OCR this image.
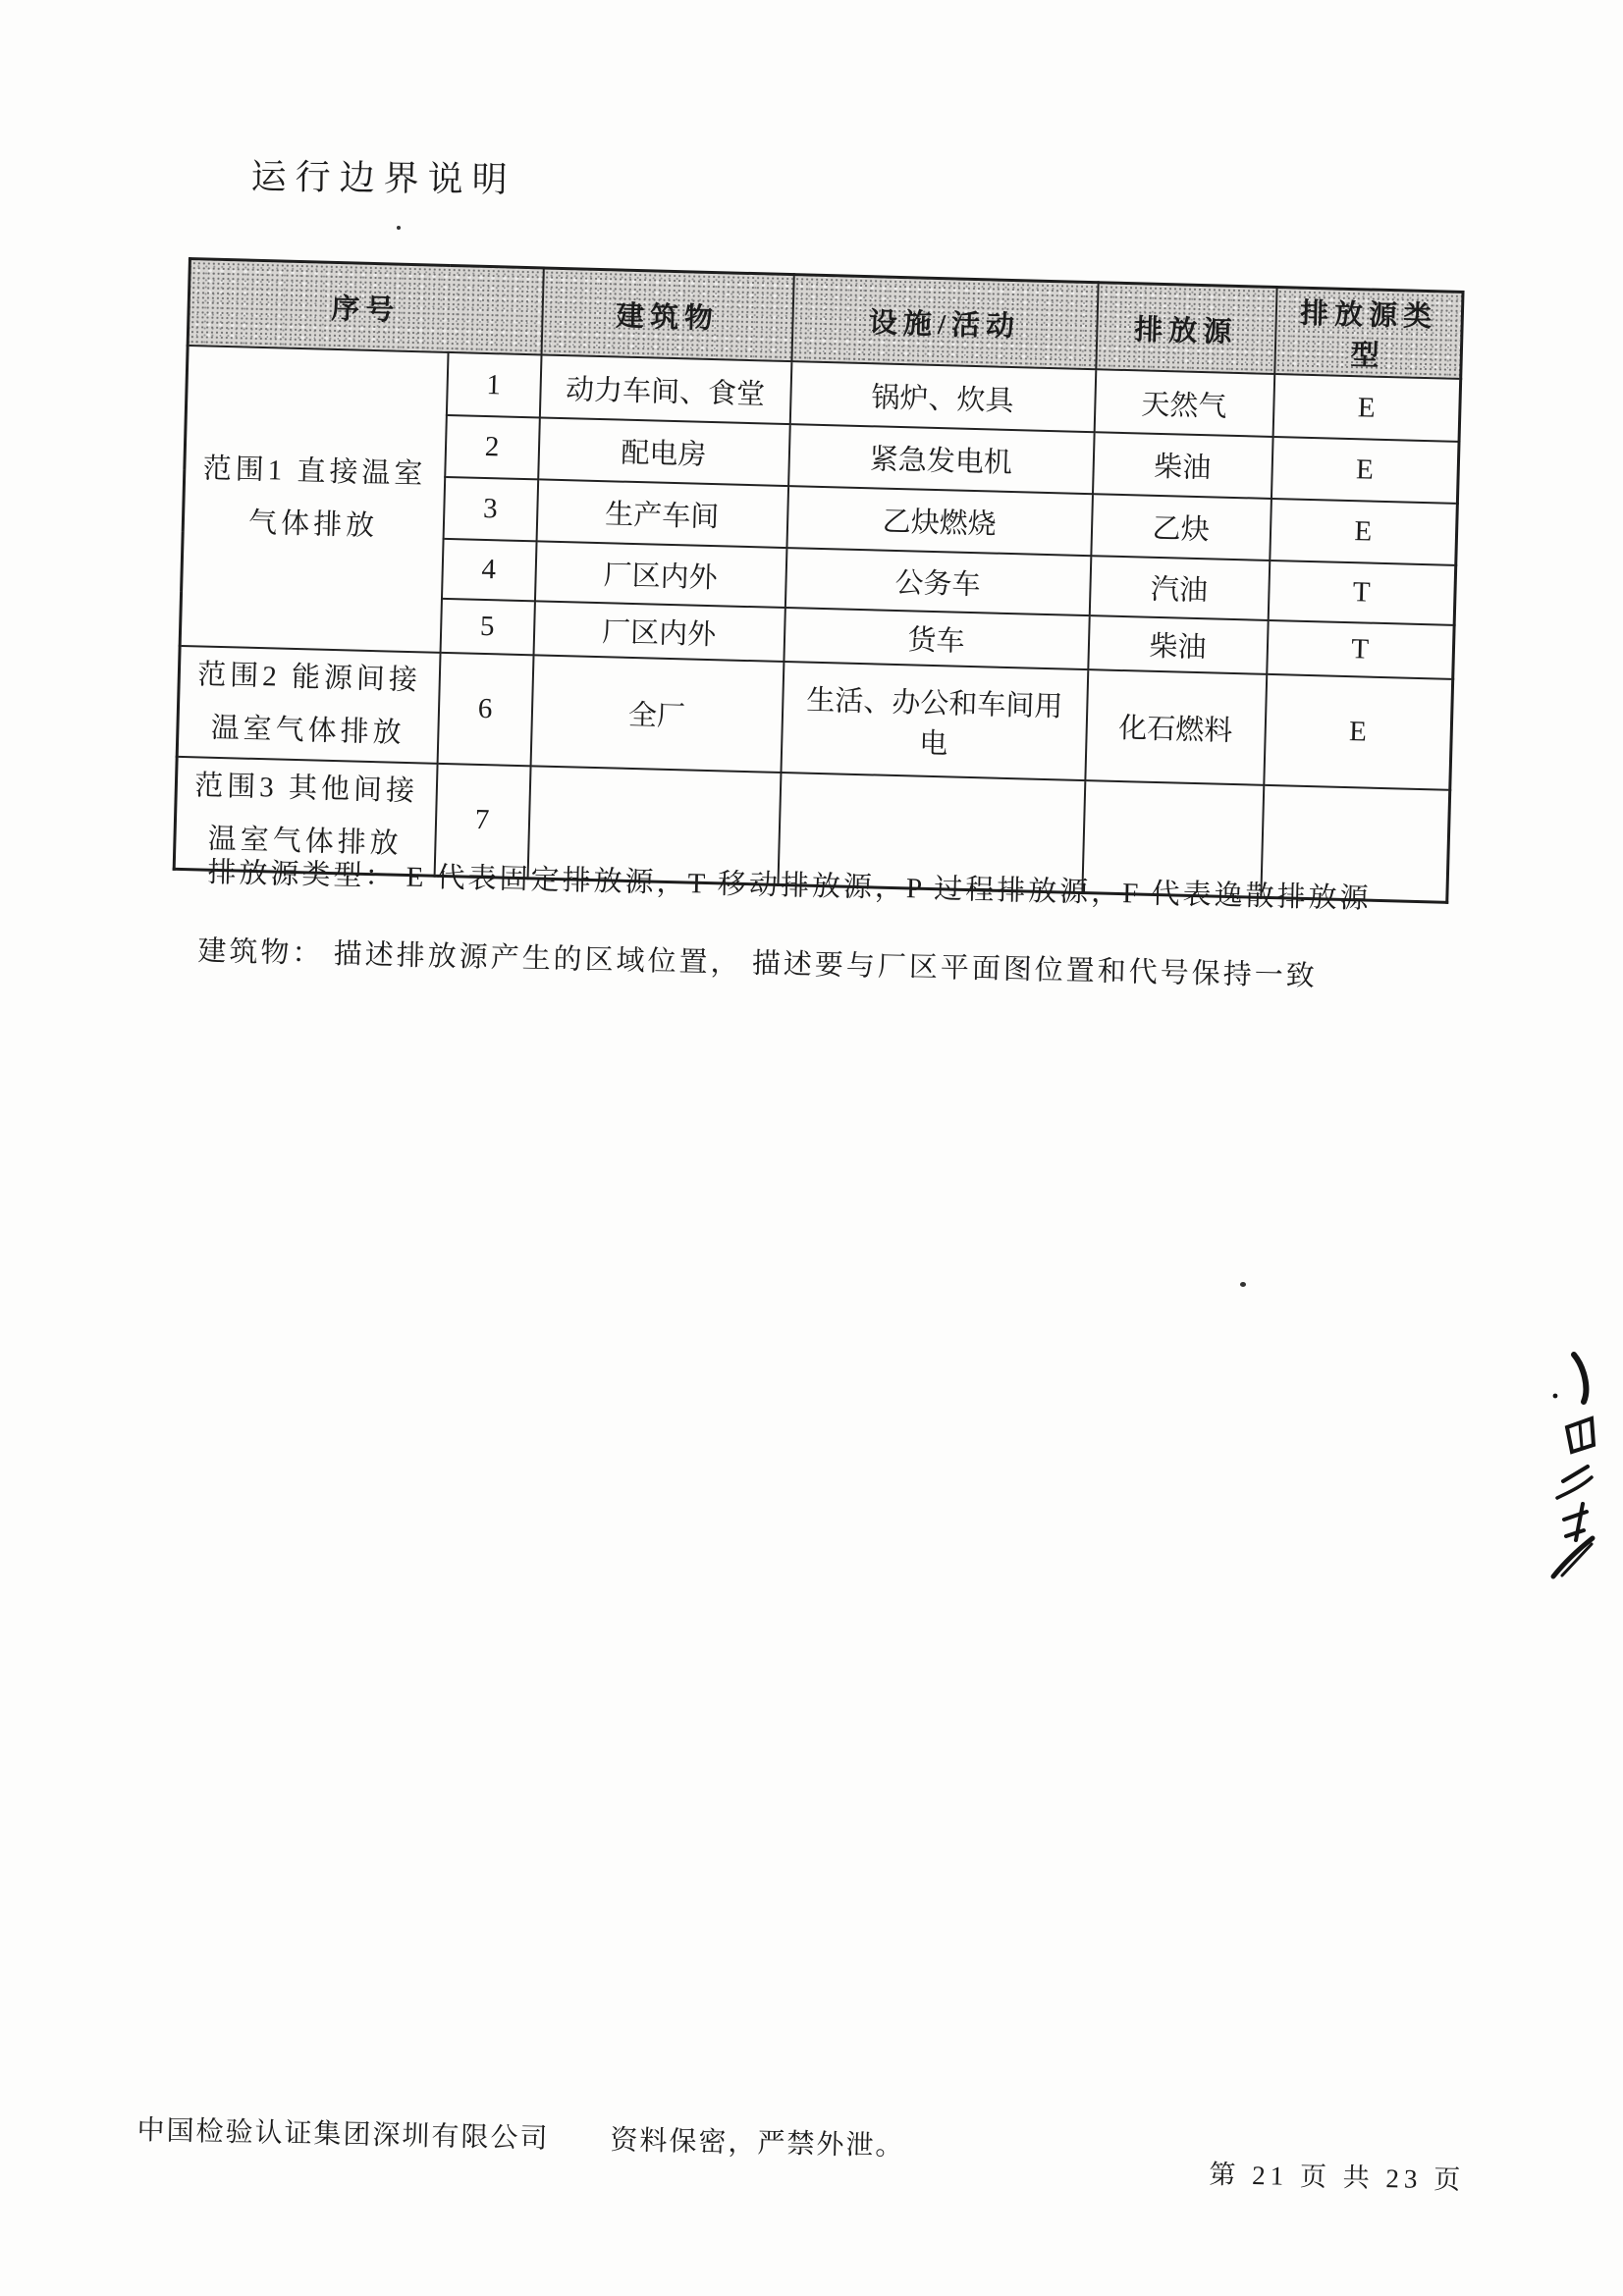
运行边界说明
序号		建筑物	设施/活动	排放源	排放源类型
范围1 直接温室气体排放	1	动力车间、食堂	锅炉、炊具	天然气	E
	2	配电房	紧急发电机	柴油	E
	3	生产车间	乙炔燃烧	乙炔	E
	4	厂区内外	公务车	汽油	T
	5	厂区内外	货车	柴油	T
范围2 能源间接温室气体排放	6	全厂	生活、办公和车间用电	化石燃料	E
范围3 其他间接温室气体排放	7				
排放源类型： E 代表固定排放源，T 移动排放源，P 过程排放源，F 代表逸散排放源
建筑物： 描述排放源产生的区域位置， 描述要与厂区平面图位置和代号保持一致
中国检验认证集团深圳有限公司 资料保密，严禁外泄。
第 21 页 共 23 页
